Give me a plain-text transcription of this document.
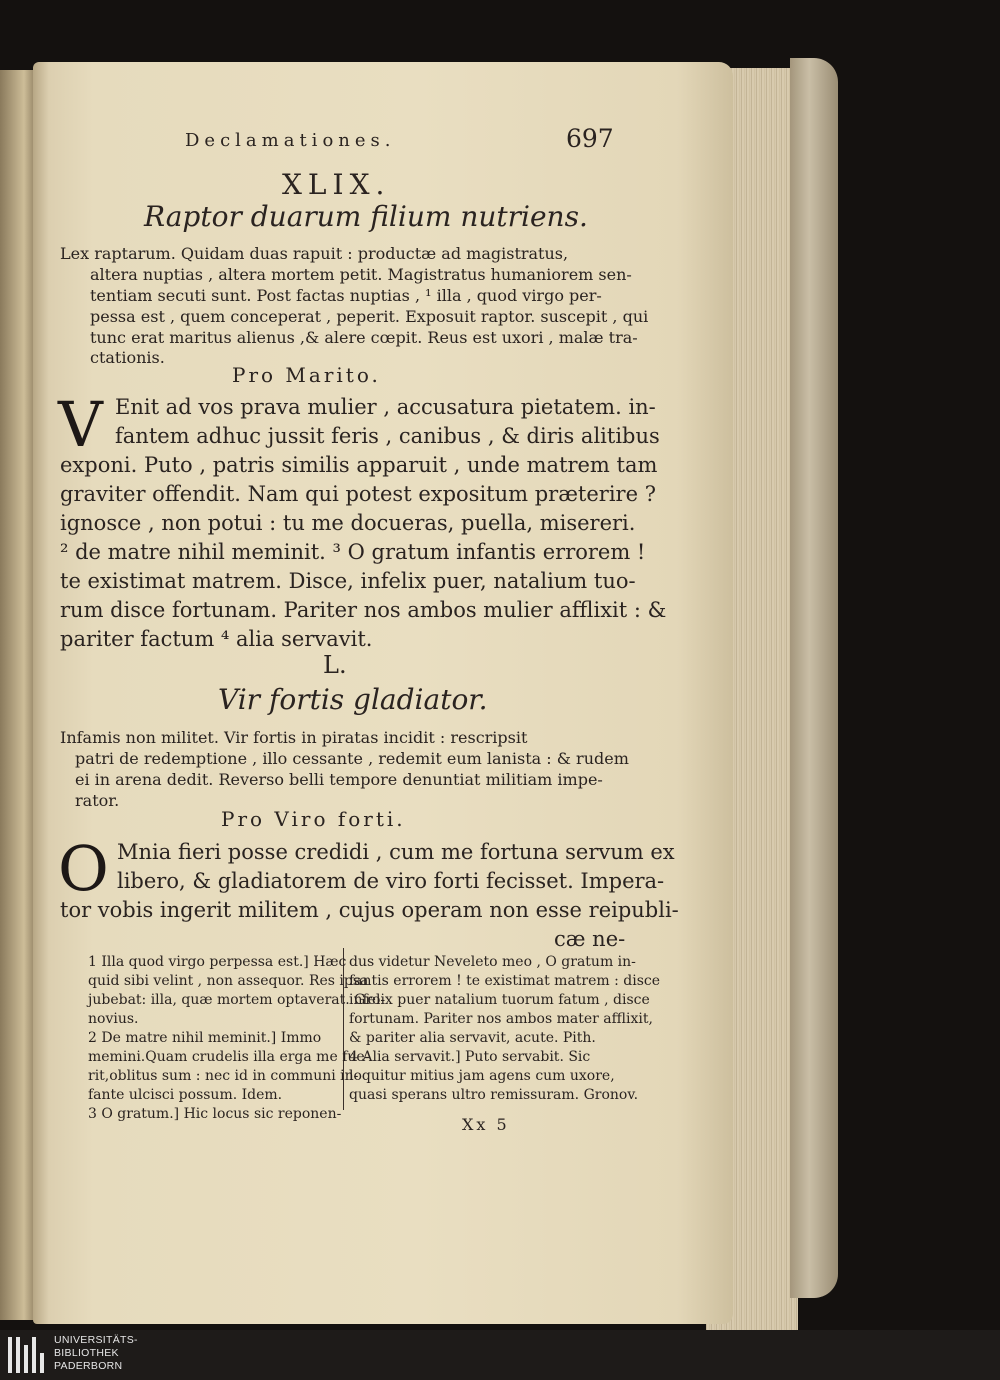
Declamationes.	697
XLIX.
Raptor duarum filium nutriens.
Lex raptarum. Quidam duas rapuit : productæ ad magistratus,
altera nuptias , altera mortem petit. Magistratus humaniorem sen-
tentiam secuti sunt. Post factas nuptias , ¹ illa , quod virgo per-
pessa est , quem conceperat , peperit. Exposuit raptor. suscepit , qui
tunc erat maritus alienus ,& alere cœpit. Reus est uxori , malæ tra-
ctationis.
Pro Marito.
V Enit ad vos prava mulier , accusatura pietatem. in-
fantem adhuc jussit feris , canibus , & diris alitibus
exponi. Puto , patris similis apparuit , unde matrem tam
graviter offendit. Nam qui potest expositum præterire ?
ignosce , non potui : tu me docueras, puella, misereri.
² de matre nihil meminit. ³ O gratum infantis errorem !
te existimat matrem. Disce, infelix puer, natalium tuo-
rum disce fortunam. Pariter nos ambos mulier afflixit : &
pariter factum ⁴ alia servavit.
L.
Vir fortis gladiator.
Infamis non militet. Vir fortis in piratas incidit : rescripsit
patri de redemptione , illo cessante , redemit eum lanista : & rudem
ei in arena dedit. Reverso belli tempore denuntiat militiam impe-
rator.
Pro Viro forti.
O Mnia fieri posse credidi , cum me fortuna servum ex
libero, & gladiatorem de viro forti fecisset. Impera-
tor vobis ingerit militem , cujus operam non esse reipubli-
cæ ne-
1 Illa quod virgo perpessa est.] Hæc
quid sibi velint , non assequor. Res ipsa
jubebat: illa, quæ mortem optaverat. Gro-
novius.
2 De matre nihil meminit.] Immo
memini.Quam crudelis illa erga me fue-
rit,oblitus sum : nec id in communi in-
fante ulcisci possum. Idem.
3 O gratum.] Hic locus sic reponen-
dus videtur Neveleto meo , O gratum in-
fantis errorem ! te existimat matrem : disce
infelix puer natalium tuorum fatum , disce
fortunam. Pariter nos ambos mater afflixit,
& pariter alia servavit, acute. Pith.
4 Alia servavit.] Puto servabit. Sic
loquitur mitius jam agens cum uxore,
quasi sperans ultro remissuram. Gronov.
Xx 5
UNIVERSITÄTS-
BIBLIOTHEK
PADERBORN
